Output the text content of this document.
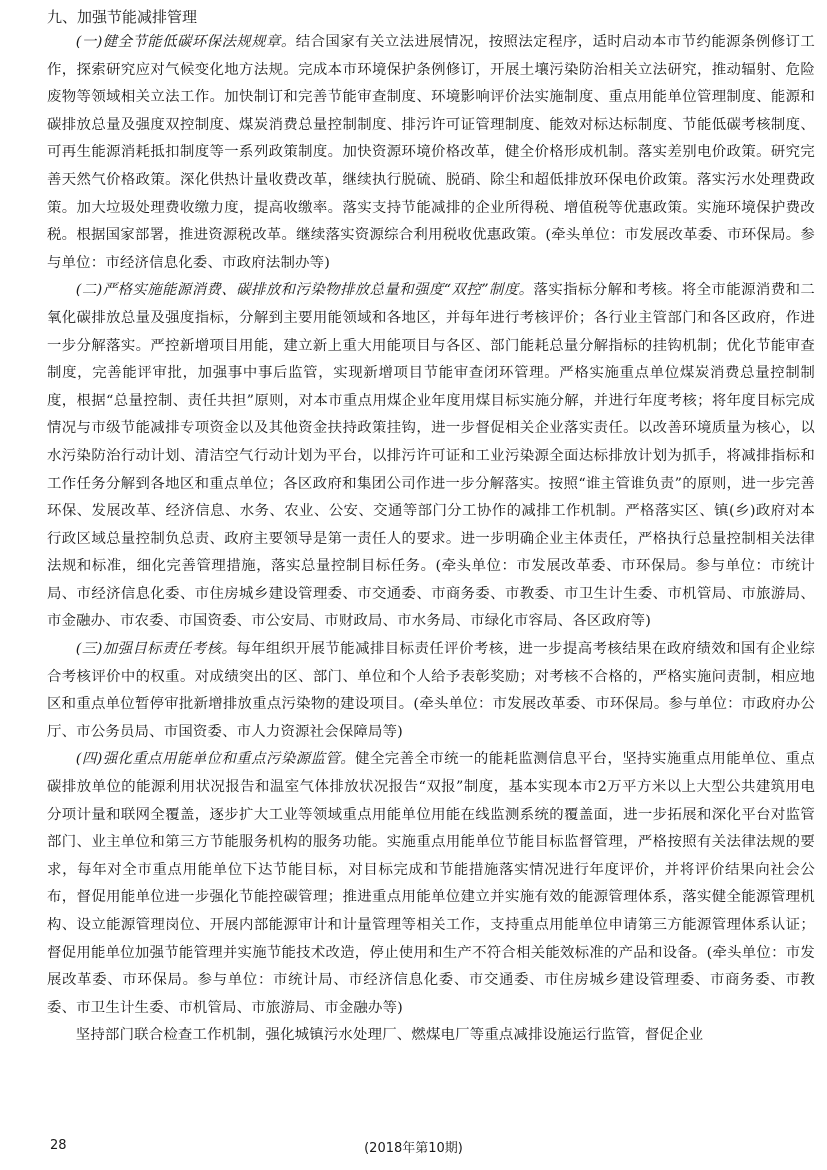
九、加强节能减排管理

(一)健全节能低碳环保法规规章。结合国家有关立法进展情况，按照法定程序，适时启动本市节约能源条例修订工作，探索研究应对气候变化地方法规。完成本市环境保护条例修订，开展土壤污染防治相关立法研究，推动辐射、危险废物等领域相关立法工作。加快制订和完善节能审查制度、环境影响评价法实施制度、重点用能单位管理制度、能源和碳排放总量及强度双控制度、煤炭消费总量控制制度、排污许可证管理制度、能效对标达标制度、节能低碳考核制度、可再生能源消耗抵扣制度等一系列政策制度。加快资源环境价格改革，健全价格形成机制。落实差别电价政策。研究完善天然气价格政策。深化供热计量收费改革，继续执行脱硫、脱硝、除尘和超低排放环保电价政策。落实污水处理费政策。加大垃圾处理费收缴力度，提高收缴率。落实支持节能减排的企业所得税、增值税等优惠政策。实施环境保护费改税。根据国家部署，推进资源税改革。继续落实资源综合利用税收优惠政策。(牵头单位：市发展改革委、市环保局。参与单位：市经济信息化委、市政府法制办等)

(二)严格实施能源消费、碳排放和污染物排放总量和强度“双控”制度。落实指标分解和考核。将全市能源消费和二氧化碳排放总量及强度指标，分解到主要用能领域和各地区，并每年进行考核评价；各行业主管部门和各区政府，作进一步分解落实。严控新增项目用能，建立新上重大用能项目与各区、部门能耗总量分解指标的挂钩机制；优化节能审查制度，完善能评审批，加强事中事后监管，实现新增项目节能审查闭环管理。严格实施重点单位煤炭消费总量控制制度，根据“总量控制、责任共担”原则，对本市重点用煤企业年度用煤目标实施分解，并进行年度考核；将年度目标完成情况与市级节能减排专项资金以及其他资金扶持政策挂钩，进一步督促相关企业落实责任。以改善环境质量为核心，以水污染防治行动计划、清洁空气行动计划为平台，以排污许可证和工业污染源全面达标排放计划为抓手，将减排指标和工作任务分解到各地区和重点单位；各区政府和集团公司作进一步分解落实。按照“谁主管谁负责”的原则，进一步完善环保、发展改革、经济信息、水务、农业、公安、交通等部门分工协作的减排工作机制。严格落实区、镇(乡)政府对本行政区域总量控制负总责、政府主要领导是第一责任人的要求。进一步明确企业主体责任，严格执行总量控制相关法律法规和标准，细化完善管理措施，落实总量控制目标任务。(牵头单位：市发展改革委、市环保局。参与单位：市统计局、市经济信息化委、市住房城乡建设管理委、市交通委、市商务委、市教委、市卫生计生委、市机管局、市旅游局、市金融办、市农委、市国资委、市公安局、市财政局、市水务局、市绿化市容局、各区政府等)

(三)加强目标责任考核。每年组织开展节能减排目标责任评价考核，进一步提高考核结果在政府绩效和国有企业综合考核评价中的权重。对成绩突出的区、部门、单位和个人给予表彰奖励；对考核不合格的，严格实施问责制，相应地区和重点单位暂停审批新增排放重点污染物的建设项目。(牵头单位：市发展改革委、市环保局。参与单位：市政府办公厅、市公务员局、市国资委、市人力资源社会保障局等)

(四)强化重点用能单位和重点污染源监管。健全完善全市统一的能耗监测信息平台，坚持实施重点用能单位、重点碳排放单位的能源利用状况报告和温室气体排放状况报告“双报”制度，基本实现本市2万平方米以上大型公共建筑用电分项计量和联网全覆盖，逐步扩大工业等领域重点用能单位用能在线监测系统的覆盖面，进一步拓展和深化平台对监管部门、业主单位和第三方节能服务机构的服务功能。实施重点用能单位节能目标监督管理，严格按照有关法律法规的要求，每年对全市重点用能单位下达节能目标，对目标完成和节能措施落实情况进行年度评价，并将评价结果向社会公布，督促用能单位进一步强化节能控碳管理；推进重点用能单位建立并实施有效的能源管理体系，落实健全能源管理机构、设立能源管理岗位、开展内部能源审计和计量管理等相关工作，支持重点用能单位申请第三方能源管理体系认证；督促用能单位加强节能管理并实施节能技术改造，停止使用和生产不符合相关能效标准的产品和设备。(牵头单位：市发展改革委、市环保局。参与单位：市统计局、市经济信息化委、市交通委、市住房城乡建设管理委、市商务委、市教委、市卫生计生委、市机管局、市旅游局、市金融办等)

坚持部门联合检查工作机制，强化城镇污水处理厂、燃煤电厂等重点减排设施运行监管，督促企业

28	(2018年第10期)
